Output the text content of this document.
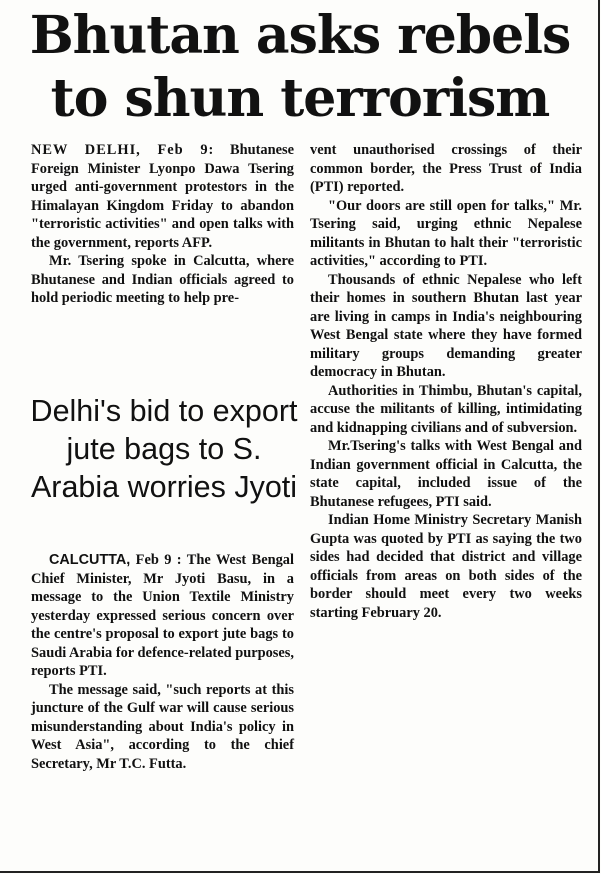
Bhutan asks rebels to shun terrorism

NEW DELHI, Feb 9: Bhutanese Foreign Minister Lyonpo Dawa Tsering urged anti-government protestors in the Himalayan Kingdom Friday to abandon "terroristic activities" and open talks with the government, reports AFP.

Mr. Tsering spoke in Calcutta, where Bhutanese and Indian officials agreed to hold periodic meeting to help pre-

vent unauthorised crossings of their common border, the Press Trust of India (PTI) reported.

"Our doors are still open for talks," Mr. Tsering said, urging ethnic Nepalese militants in Bhutan to halt their "terroristic activities," according to PTI.

Thousands of ethnic Nepalese who left their homes in southern Bhutan last year are living in camps in India's neighbouring West Bengal state where they have formed military groups demanding greater democracy in Bhutan.

Authorities in Thimbu, Bhutan's capital, accuse the militants of killing, intimidating and kidnapping civilians and of subversion.

Mr.Tsering's talks with West Bengal and Indian government official in Calcutta, the state capital, included issue of the Bhutanese refugees, PTI said.

Indian Home Ministry Secretary Manish Gupta was quoted by PTI as saying the two sides had decided that district and village officials from areas on both sides of the border should meet every two weeks starting February 20.

Delhi's bid to export jute bags to S. Arabia worries Jyoti

CALCUTTA, Feb 9 : The West Bengal Chief Minister, Mr Jyoti Basu, in a message to the Union Textile Ministry yesterday expressed serious concern over the centre's proposal to export jute bags to Saudi Arabia for defence-related purposes, reports PTI.

The message said, "such reports at this juncture of the Gulf war will cause serious misunderstanding about India's policy in West Asia", according to the chief Secretary, Mr T.C. Futta.
